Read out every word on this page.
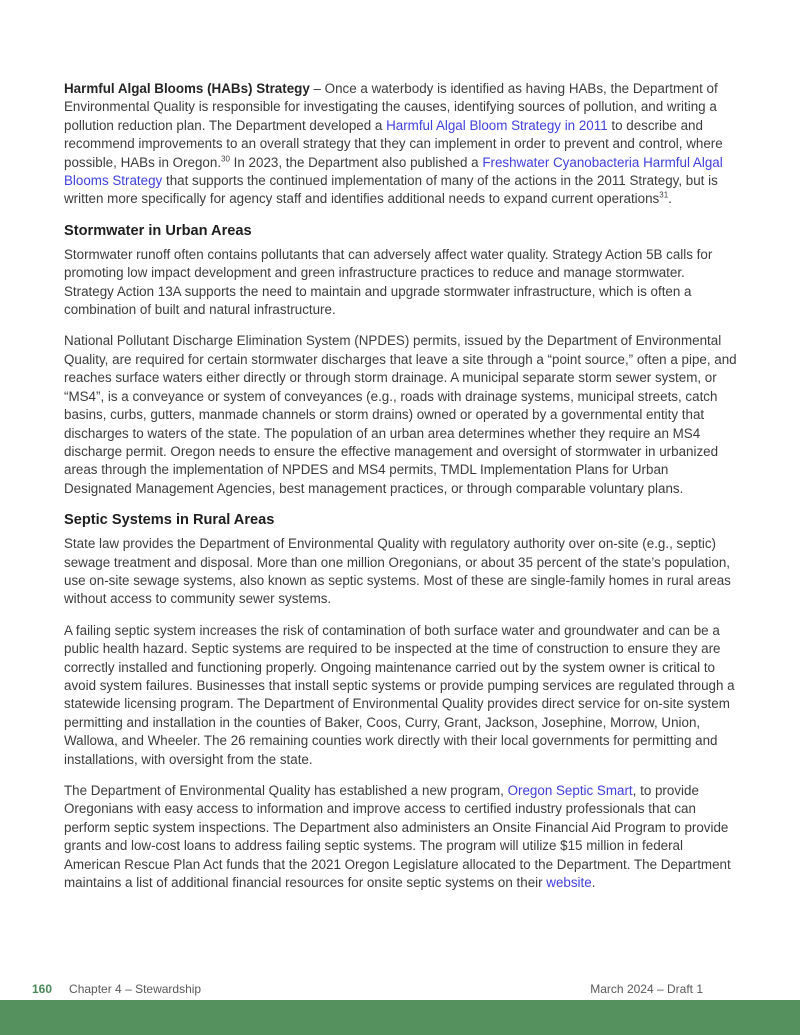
Harmful Algal Blooms (HABs) Strategy – Once a waterbody is identified as having HABs, the Department of Environmental Quality is responsible for investigating the causes, identifying sources of pollution, and writing a pollution reduction plan. The Department developed a Harmful Algal Bloom Strategy in 2011 to describe and recommend improvements to an overall strategy that they can implement in order to prevent and control, where possible, HABs in Oregon.$^{30}$ In 2023, the Department also published a Freshwater Cyanobacteria Harmful Algal Blooms Strategy that supports the continued implementation of many of the actions in the 2011 Strategy, but is written more specifically for agency staff and identifies additional needs to expand current operations$^{31}$.

Stormwater in Urban Areas

Stormwater runoff often contains pollutants that can adversely affect water quality. Strategy Action 5B calls for promoting low impact development and green infrastructure practices to reduce and manage stormwater. Strategy Action 13A supports the need to maintain and upgrade stormwater infrastructure, which is often a combination of built and natural infrastructure.

National Pollutant Discharge Elimination System (NPDES) permits, issued by the Department of Environmental Quality, are required for certain stormwater discharges that leave a site through a “point source,” often a pipe, and reaches surface waters either directly or through storm drainage. A municipal separate storm sewer system, or “MS4”, is a conveyance or system of conveyances (e.g., roads with drainage systems, municipal streets, catch basins, curbs, gutters, manmade channels or storm drains) owned or operated by a governmental entity that discharges to waters of the state. The population of an urban area determines whether they require an MS4 discharge permit. Oregon needs to ensure the effective management and oversight of stormwater in urbanized areas through the implementation of NPDES and MS4 permits, TMDL Implementation Plans for Urban Designated Management Agencies, best management practices, or through comparable voluntary plans.

Septic Systems in Rural Areas

State law provides the Department of Environmental Quality with regulatory authority over on-site (e.g., septic) sewage treatment and disposal. More than one million Oregonians, or about 35 percent of the state’s population, use on-site sewage systems, also known as septic systems. Most of these are single-family homes in rural areas without access to community sewer systems.

A failing septic system increases the risk of contamination of both surface water and groundwater and can be a public health hazard. Septic systems are required to be inspected at the time of construction to ensure they are correctly installed and functioning properly. Ongoing maintenance carried out by the system owner is critical to avoid system failures. Businesses that install septic systems or provide pumping services are regulated through a statewide licensing program. The Department of Environmental Quality provides direct service for on-site system permitting and installation in the counties of Baker, Coos, Curry, Grant, Jackson, Josephine, Morrow, Union, Wallowa, and Wheeler. The 26 remaining counties work directly with their local governments for permitting and installations, with oversight from the state.

The Department of Environmental Quality has established a new program, Oregon Septic Smart, to provide Oregonians with easy access to information and improve access to certified industry professionals that can perform septic system inspections. The Department also administers an Onsite Financial Aid Program to provide grants and low-cost loans to address failing septic systems. The program will utilize $15 million in federal American Rescue Plan Act funds that the 2021 Oregon Legislature allocated to the Department. The Department maintains a list of additional financial resources for onsite septic systems on their website.

160 Chapter 4 – Stewardship	March 2024 – Draft 1
